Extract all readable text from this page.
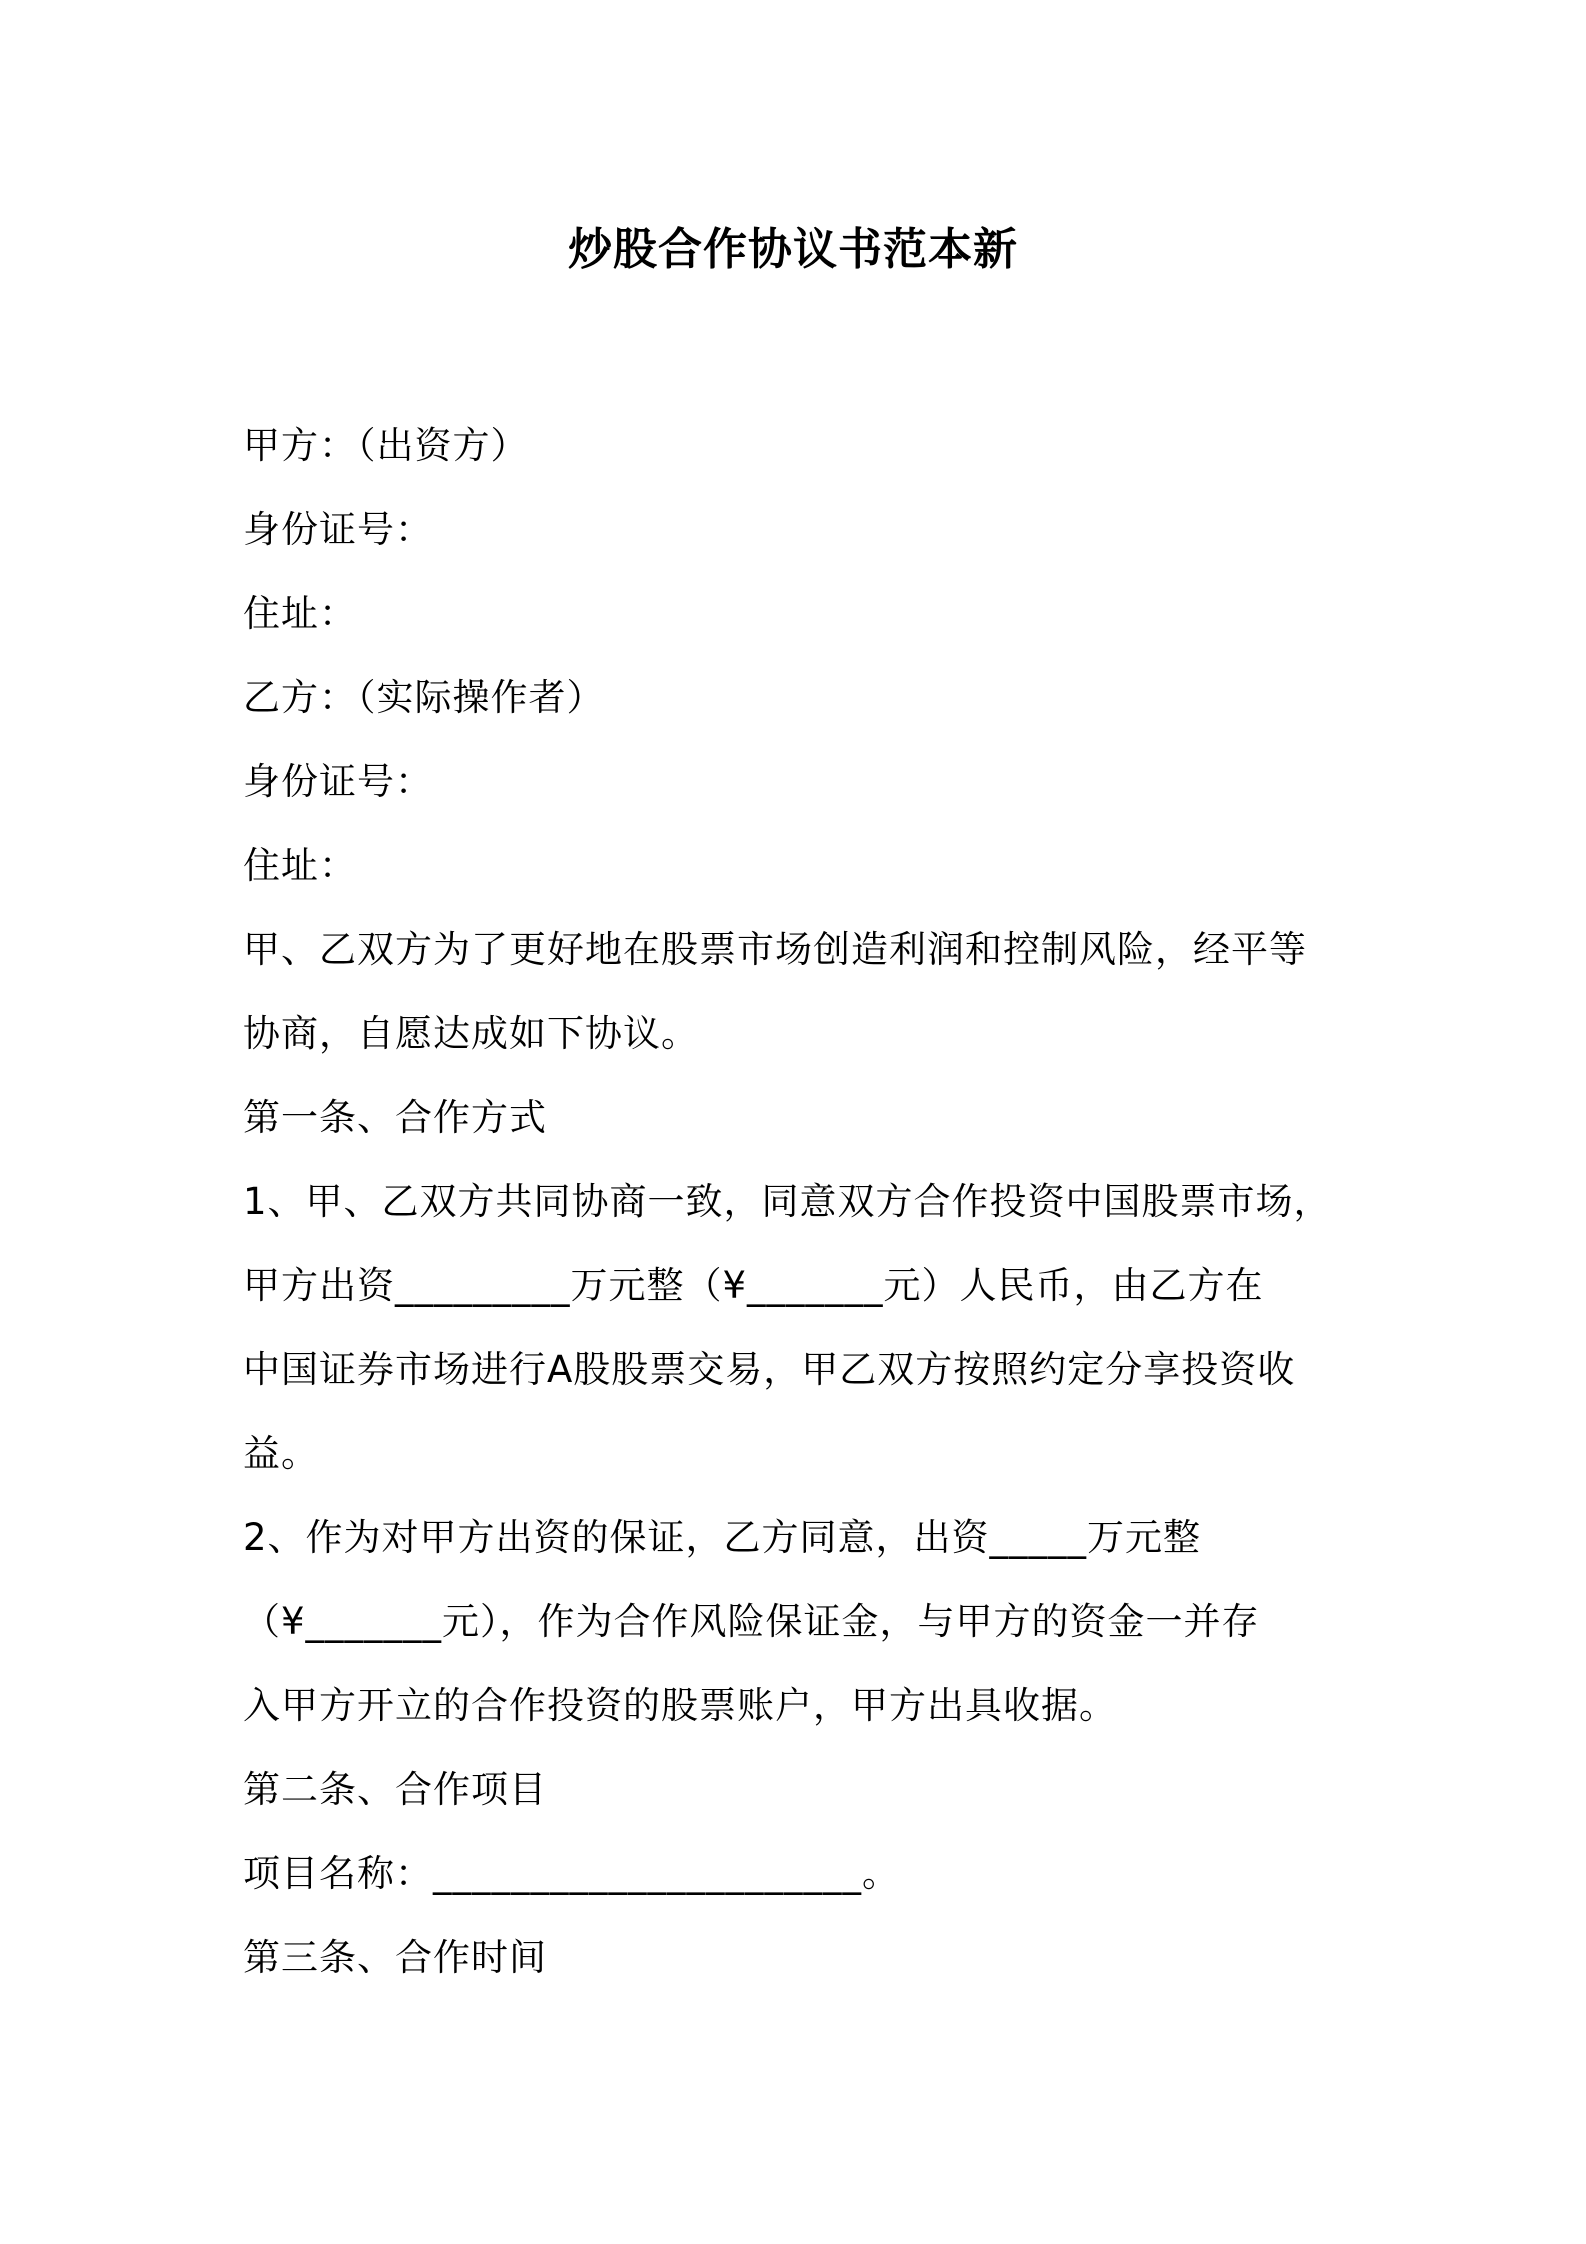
炒股合作协议书范本新
甲方：（出资方）
身份证号：
住址：
乙方：（实际操作者）
身份证号：
住址：
甲、乙双方为了更好地在股票市场创造利润和控制风险，经平等
协商，自愿达成如下协议。
第一条、合作方式
1、甲、乙双方共同协商一致，同意双方合作投资中国股票市场，
甲方出资_________万元整（¥_______元）人民币，由乙方在
中国证券市场进行A股股票交易，甲乙双方按照约定分享投资收
益。
2、作为对甲方出资的保证，乙方同意，出资_____万元整
（¥_______元），作为合作风险保证金，与甲方的资金一并存
入甲方开立的合作投资的股票账户，甲方出具收据。
第二条、合作项目
项目名称：______________________。
第三条、合作时间
